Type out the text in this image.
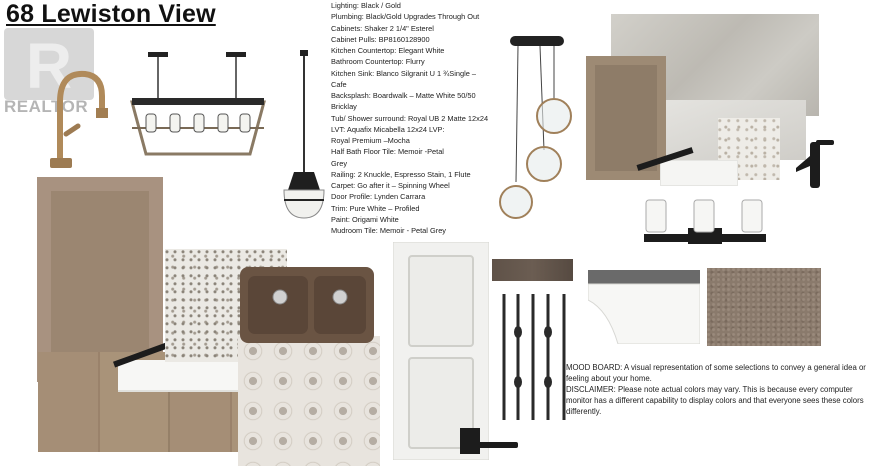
68 Lewiston View
R
REALTOR
Lighting: Black / Gold
Plumbing: Black/Gold Upgrades Through Out
Cabinets: Shaker 2 1/4" Esterel
Cabinet Pulls: BP8160128900
Kitchen Countertop: Elegant White
Bathroom Countertop: Flurry
Kitchen Sink: Blanco Silgranit U 1 ¾Single –
Cafe
Backsplash: Boardwalk – Matte White 50/50
Bricklay
Tub/ Shower surround: Royal UB 2 Matte 12x24
LVT: Aquafix Micabella 12x24 LVP:
Royal Premium –Mocha
Half Bath Floor Tile: Memoir -Petal
Grey
Railing: 2 Knuckle, Espresso Stain, 1 Flute
Carpet: Go after it – Spinning Wheel
Door Profile: Lynden Carrara
Trim: Pure White – Profiled
Paint: Origami White
Mudroom Tile: Memoir - Petal Grey

MOOD BOARD: A visual representation of some selections to convey a general idea or feeling about your home.

DISCLAIMER: Please note actual colors may vary. This is because every computer monitor has a different capability to display colors and that everyone sees these colors differently.
